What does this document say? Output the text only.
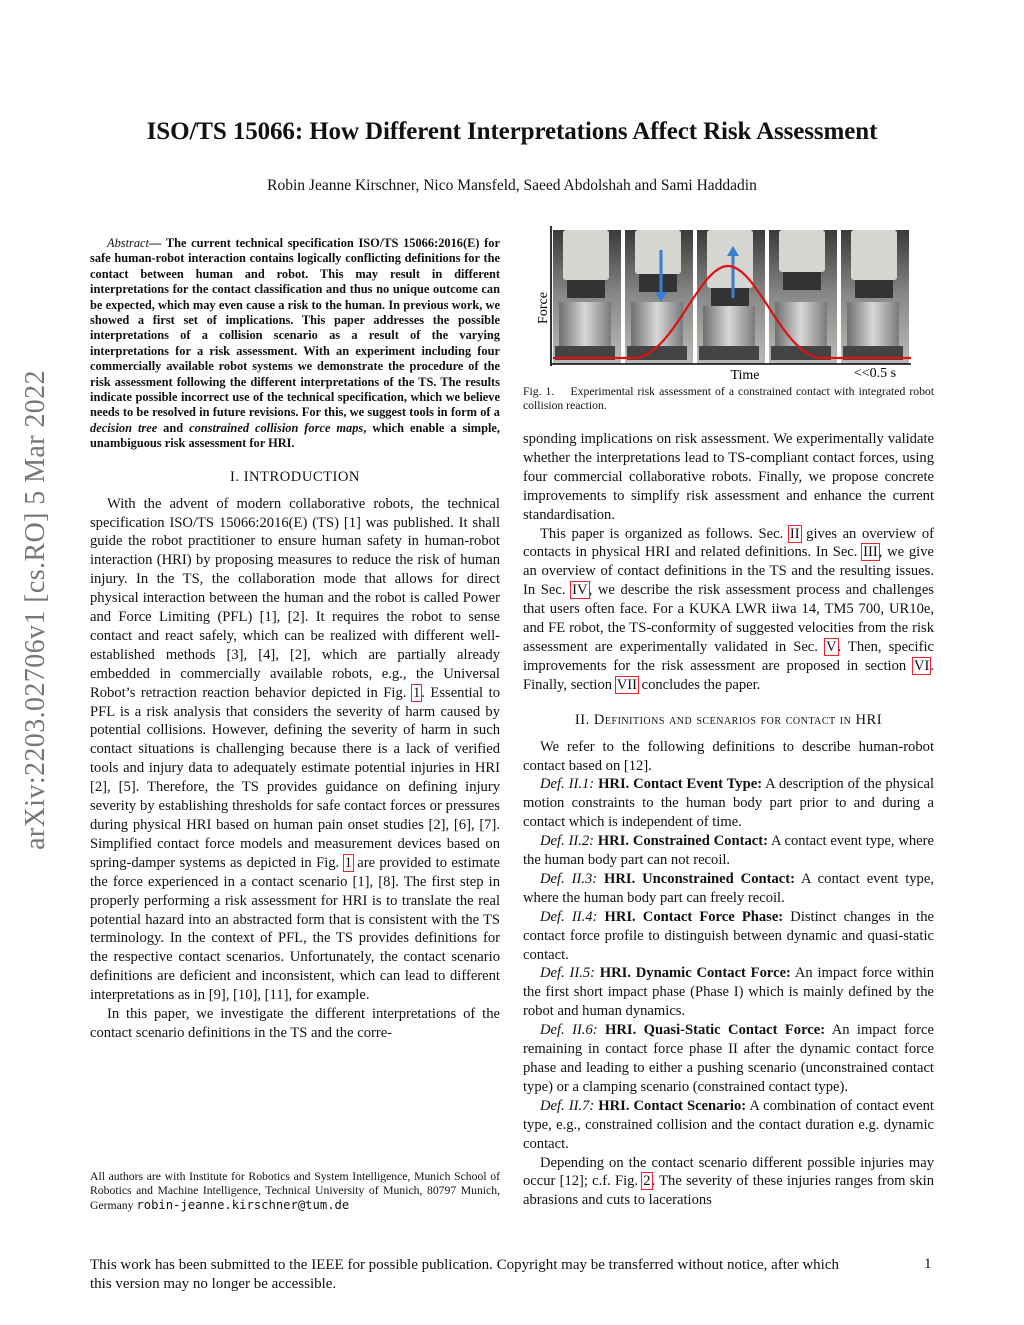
ISO/TS 15066: How Different Interpretations Affect Risk Assessment
Robin Jeanne Kirschner, Nico Mansfeld, Saeed Abdolshah and Sami Haddadin
arXiv:2203.02706v1 [cs.RO] 5 Mar 2022

Abstract— The current technical specification ISO/TS 15066:2016(E) for safe human-robot interaction contains logically conflicting definitions for the contact between human and robot. This may result in different interpretations for the contact classification and thus no unique outcome can be expected, which may even cause a risk to the human. In previous work, we showed a first set of implications. This paper addresses the possible interpretations of a collision scenario as a result of the varying interpretations for a risk assessment. With an experiment including four commercially available robot systems we demonstrate the procedure of the risk assessment following the different interpretations of the TS. The results indicate possible incorrect use of the technical specification, which we believe needs to be resolved in future revisions. For this, we suggest tools in form of a decision tree and constrained collision force maps, which enable a simple, unambiguous risk assessment for HRI.

I. INTRODUCTION

With the advent of modern collaborative robots, the technical specification ISO/TS 15066:2016(E) (TS) [1] was published. It shall guide the robot practitioner to ensure human safety in human-robot interaction (HRI) by proposing measures to reduce the risk of human injury. In the TS, the collaboration mode that allows for direct physical interaction between the human and the robot is called Power and Force Limiting (PFL) [1], [2]. It requires the robot to sense contact and react safely, which can be realized with different well-established methods [3], [4], [2], which are partially already embedded in commercially available robots, e.g., the Universal Robot’s retraction reaction behavior depicted in Fig. 1. Essential to PFL is a risk analysis that considers the severity of harm caused by potential collisions. However, defining the severity of harm in such contact situations is challenging because there is a lack of verified tools and injury data to adequately estimate potential injuries in HRI [2], [5]. Therefore, the TS provides guidance on defining injury severity by establishing thresholds for safe contact forces or pressures during physical HRI based on human pain onset studies [2], [6], [7]. Simplified contact force models and measurement devices based on spring-damper systems as depicted in Fig. 1 are provided to estimate the force experienced in a contact scenario [1], [8]. The first step in properly performing a risk assessment for HRI is to translate the real potential hazard into an abstracted form that is consistent with the TS terminology. In the context of PFL, the TS provides definitions for the respective contact scenarios. Unfortunately, the contact scenario definitions are deficient and inconsistent, which can lead to different interpretations as in [9], [10], [11], for example.

In this paper, we investigate the different interpretations of the contact scenario definitions in the TS and the corre-

All authors are with Institute for Robotics and System Intelligence, Munich School of Robotics and Machine Intelligence, Technical University of Munich, 80797 Munich, Germany robin-jeanne.kirschner@tum.de
Force
Time	<<0.5 s
Fig. 1. Experimental risk assessment of a constrained contact with integrated robot collision reaction.

sponding implications on risk assessment. We experimentally validate whether the interpretations lead to TS-compliant contact forces, using four commercial collaborative robots. Finally, we propose concrete improvements to simplify risk assessment and enhance the current standardisation.

This paper is organized as follows. Sec. II gives an overview of contacts in physical HRI and related definitions. In Sec. III, we give an overview of contact definitions in the TS and the resulting issues. In Sec. IV, we describe the risk assessment process and challenges that users often face. For a KUKA LWR iiwa 14, TM5 700, UR10e, and FE robot, the TS-conformity of suggested velocities from the risk assessment are experimentally validated in Sec. V. Then, specific improvements for the risk assessment are proposed in section VI. Finally, section VII concludes the paper.

II. Definitions and scenarios for contact in HRI

We refer to the following definitions to describe human-robot contact based on [12].

Def. II.1: HRI. Contact Event Type: A description of the physical motion constraints to the human body part prior to and during a contact which is independent of time.

Def. II.2: HRI. Constrained Contact: A contact event type, where the human body part can not recoil.

Def. II.3: HRI. Unconstrained Contact: A contact event type, where the human body part can freely recoil.

Def. II.4: HRI. Contact Force Phase: Distinct changes in the contact force profile to distinguish between dynamic and quasi-static contact.

Def. II.5: HRI. Dynamic Contact Force: An impact force within the first short impact phase (Phase I) which is mainly defined by the robot and human dynamics.

Def. II.6: HRI. Quasi-Static Contact Force: An impact force remaining in contact force phase II after the dynamic contact force phase and leading to either a pushing scenario (unconstrained contact type) or a clamping scenario (constrained contact type).

Def. II.7: HRI. Contact Scenario: A combination of contact event type, e.g., constrained collision and the contact duration e.g. dynamic contact.

Depending on the contact scenario different possible injuries may occur [12]; c.f. Fig. 2. The severity of these injuries ranges from skin abrasions and cuts to lacerations

This work has been submitted to the IEEE for possible publication. Copyright may be transferred without notice, after which this version may no longer be accessible.
1
